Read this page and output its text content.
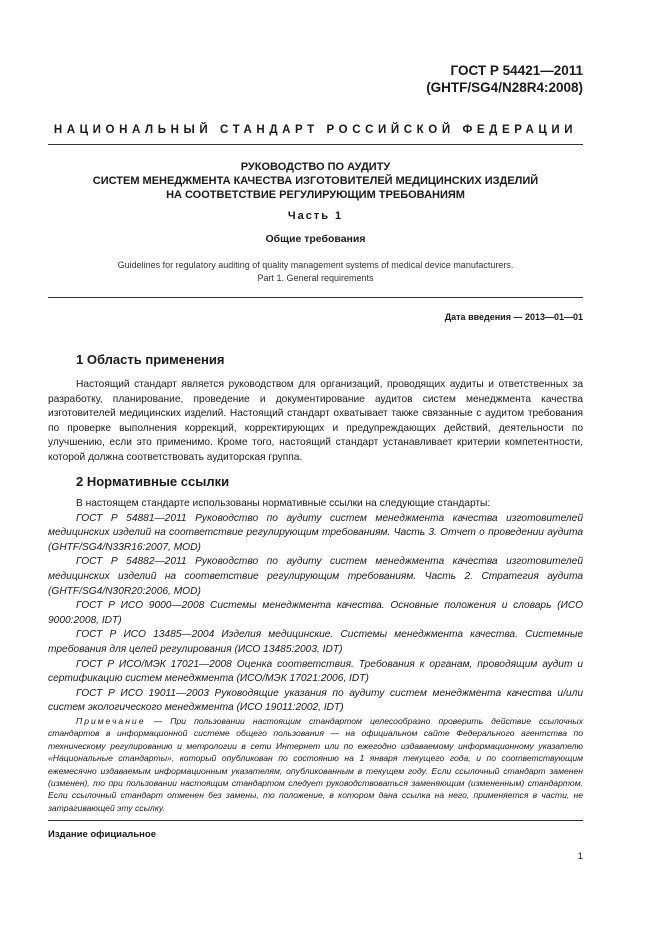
ГОСТ Р 54421—2011
(GHTF/SG4/N28R4:2008)
НАЦИОНАЛЬНЫЙ СТАНДАРТ РОССИЙСКОЙ ФЕДЕРАЦИИ
РУКОВОДСТВО ПО АУДИТУ
СИСТЕМ МЕНЕДЖМЕНТА КАЧЕСТВА ИЗГОТОВИТЕЛЕЙ МЕДИЦИНСКИХ ИЗДЕЛИЙ
НА СООТВЕТСТВИЕ РЕГУЛИРУЮЩИМ ТРЕБОВАНИЯМ
Часть 1
Общие требования
Guidelines for regulatory auditing of quality management systems of medical device manufacturers.
Part 1. General requirements
Дата введения — 2013—01—01
1 Область применения
Настоящий стандарт является руководством для организаций, проводящих аудиты и ответственных за разработку, планирование, проведение и документирование аудитов систем менеджмента качества изготовителей медицинских изделий. Настоящий стандарт охватывает также связанные с аудитом требования по проверке выполнения коррекций, корректирующих и предупреждающих действий, деятельности по улучшению, если это применимо. Кроме того, настоящий стандарт устанавливает критерии компетентности, которой должна соответствовать аудиторская группа.
2 Нормативные ссылки

В настоящем стандарте использованы нормативные ссылки на следующие стандарты:

ГОСТ Р 54881—2011 Руководство по аудиту систем менеджмента качества изготовителей медицинских изделий на соответствие регулирующим требованиям. Часть 3. Отчет о проведении аудита (GHTF/SG4/N33R16:2007, MOD)

ГОСТ Р 54882—2011 Руководство по аудиту систем менеджмента качества изготовителей медицинских изделий на соответствие регулирующим требованиям. Часть 2. Стратегия аудита (GHTF/SG4/N30R20:2006, MOD)

ГОСТ Р ИСО 9000—2008 Системы менеджмента качества. Основные положения и словарь (ИСО 9000:2008, IDT)

ГОСТ Р ИСО 13485—2004 Изделия медицинские. Системы менеджмента качества. Системные требования для целей регулирования (ИСО 13485:2003, IDT)

ГОСТ Р ИСО/МЭК 17021—2008 Оценка соответствия. Требования к органам, проводящим аудит и сертификацию систем менеджмента (ИСО/МЭК 17021:2006, IDT)

ГОСТ Р ИСО 19011—2003 Руководящие указания по аудиту систем менеджмента качества и/или систем экологического менеджмента (ИСО 19011:2002, IDT)

Примечание — При пользовании настоящим стандартом целесообразно проверить действие ссылочных стандартов в информационной системе общего пользования — на официальном сайте Федерального агентства по техническому регулированию и метрологии в сети Интернет или по ежегодно издаваемому информационному указателю «Национальные стандарты», который опубликован по состоянию на 1 января текущего года, и по соответствующим ежемесячно издаваемым информационным указателям, опубликованным в текущем году. Если ссылочный стандарт заменен (изменен), то при пользовании настоящим стандартом следует руководствоваться заменяющим (измененным) стандартом. Если ссылочный стандарт отменен без замены, то положение, в котором дана ссылка на него, применяется в части, не затрагивающей эту ссылку.
Издание официальное
1
